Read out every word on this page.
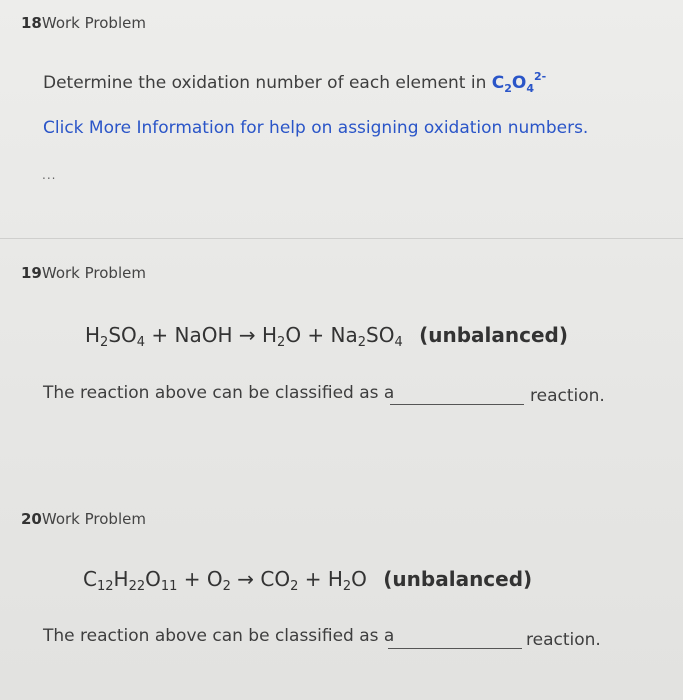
18Work Problem
Determine the oxidation number of each element in $C_2O_4^{2-}$
Click More Information for help on assigning oxidation numbers.
...
19Work Problem
$H_2SO_4$ + NaOH → $H_2O + Na_2SO_4$ (unbalanced)
The reaction above can be classified as a	reaction.
20Work Problem
$C_{12}H_{22}O_{11} + O_2 \to CO_2 + H_2O$ (unbalanced)
The reaction above can be classified as a	reaction.
